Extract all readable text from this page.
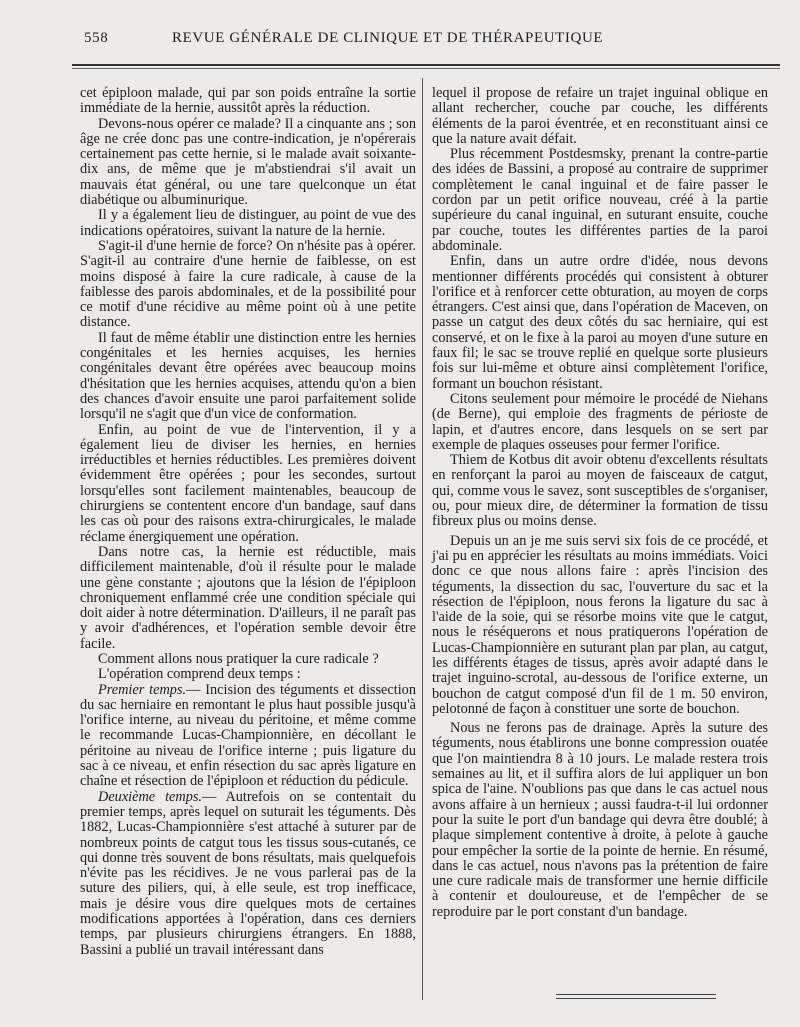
558	REVUE GÉNÉRALE DE CLINIQUE ET DE THÉRAPEUTIQUE

cet épiploon malade, qui par son poids entraîne la sortie immédiate de la hernie, aussitôt après la réduction.

Devons-nous opérer ce malade? Il a cinquante ans ; son âge ne crée donc pas une contre-indication, je n'opérerais certainement pas cette hernie, si le malade avait soixante-dix ans, de même que je m'abstiendrai s'il avait un mauvais état général, ou une tare quelconque un état diabétique ou albuminurique.

Il y a également lieu de distinguer, au point de vue des indications opératoires, suivant la nature de la hernie.

S'agit-il d'une hernie de force? On n'hésite pas à opérer. S'agit-il au contraire d'une hernie de faiblesse, on est moins disposé à faire la cure radicale, à cause de la faiblesse des parois abdominales, et de la possibilité pour ce motif d'une récidive au même point où à une petite distance.

Il faut de même établir une distinction entre les hernies congénitales et les hernies acquises, les hernies congénitales devant être opérées avec beaucoup moins d'hésitation que les hernies acquises, attendu qu'on a bien des chances d'avoir ensuite une paroi parfaitement solide lorsqu'il ne s'agit que d'un vice de conformation.

Enfin, au point de vue de l'intervention, il y a également lieu de diviser les hernies, en hernies irréductibles et hernies réductibles. Les premières doivent évidemment être opérées ; pour les secondes, surtout lorsqu'elles sont facilement maintenables, beaucoup de chirurgiens se contentent encore d'un bandage, sauf dans les cas où pour des raisons extra-chirurgicales, le malade réclame énergiquement une opération.

Dans notre cas, la hernie est réductible, mais difficilement maintenable, d'où il résulte pour le malade une gène constante ; ajoutons que la lésion de l'épiploon chroniquement enflammé crée une condition spéciale qui doit aider à notre détermination. D'ailleurs, il ne paraît pas y avoir d'adhérences, et l'opération semble devoir être facile.

Comment allons nous pratiquer la cure radicale ?

L'opération comprend deux temps :

Premier temps.— Incision des téguments et dissection du sac herniaire en remontant le plus haut possible jusqu'à l'orifice interne, au niveau du péritoine, et même comme le recommande Lucas-Championnière, en décollant le péritoine au niveau de l'orifice interne ; puis ligature du sac à ce niveau, et enfin résection du sac après ligature en chaîne et résection de l'épiploon et réduction du pédicule.

Deuxième temps.— Autrefois on se contentait du premier temps, après lequel on suturait les téguments. Dès 1882, Lucas-Championnière s'est attaché à suturer par de nombreux points de catgut tous les tissus sous-cutanés, ce qui donne très souvent de bons résultats, mais quelquefois n'évite pas les récidives. Je ne vous parlerai pas de la suture des piliers, qui, à elle seule, est trop inefficace, mais je désire vous dire quelques mots de certaines modifications apportées à l'opération, dans ces derniers temps, par plusieurs chirurgiens étrangers. En 1888, Bassini a publié un travail intéressant dans

lequel il propose de refaire un trajet inguinal oblique en allant rechercher, couche par couche, les différents éléments de la paroi éventrée, et en reconstituant ainsi ce que la nature avait défait.

Plus récemment Postdesmsky, prenant la contre-partie des idées de Bassini, a proposé au contraire de supprimer complètement le canal inguinal et de faire passer le cordon par un petit orifice nouveau, créé à la partie supérieure du canal inguinal, en suturant ensuite, couche par couche, toutes les différentes parties de la paroi abdominale.

Enfin, dans un autre ordre d'idée, nous devons mentionner différents procédés qui consistent à obturer l'orifice et à renforcer cette obturation, au moyen de corps étrangers. C'est ainsi que, dans l'opération de Maceven, on passe un catgut des deux côtés du sac herniaire, qui est conservé, et on le fixe à la paroi au moyen d'une suture en faux fil; le sac se trouve replié en quelque sorte plusieurs fois sur lui-même et obture ainsi complètement l'orifice, formant un bouchon résistant.

Citons seulement pour mémoire le procédé de Niehans (de Berne), qui emploie des fragments de périoste de lapin, et d'autres encore, dans lesquels on se sert par exemple de plaques osseuses pour fermer l'orifice.

Thiem de Kotbus dit avoir obtenu d'excellents résultats en renforçant la paroi au moyen de faisceaux de catgut, qui, comme vous le savez, sont susceptibles de s'organiser, ou, pour mieux dire, de déterminer la formation de tissu fibreux plus ou moins dense.

Depuis un an je me suis servi six fois de ce procédé, et j'ai pu en apprécier les résultats au moins immédiats. Voici donc ce que nous allons faire : après l'incision des téguments, la dissection du sac, l'ouverture du sac et la résection de l'épiploon, nous ferons la ligature du sac à l'aide de la soie, qui se résorbe moins vite que le catgut, nous le réséquerons et nous pratiquerons l'opération de Lucas-Championnière en suturant plan par plan, au catgut, les différents étages de tissus, après avoir adapté dans le trajet inguino-scrotal, au-dessous de l'orifice externe, un bouchon de catgut composé d'un fil de 1 m. 50 environ, pelotonné de façon à constituer une sorte de bouchon.

Nous ne ferons pas de drainage. Après la suture des téguments, nous établirons une bonne compression ouatée que l'on maintiendra 8 à 10 jours. Le malade restera trois semaines au lit, et il suffira alors de lui appliquer un bon spica de l'aine. N'oublions pas que dans le cas actuel nous avons affaire à un hernieux ; aussi faudra-t-il lui ordonner pour la suite le port d'un bandage qui devra être doublé; à plaque simplement contentive à droite, à pelote à gauche pour empêcher la sortie de la pointe de hernie. En résumé, dans le cas actuel, nous n'avons pas la prétention de faire une cure radicale mais de transformer une hernie difficile à contenir et douloureuse, et de l'empêcher de se reproduire par le port constant d'un bandage.
